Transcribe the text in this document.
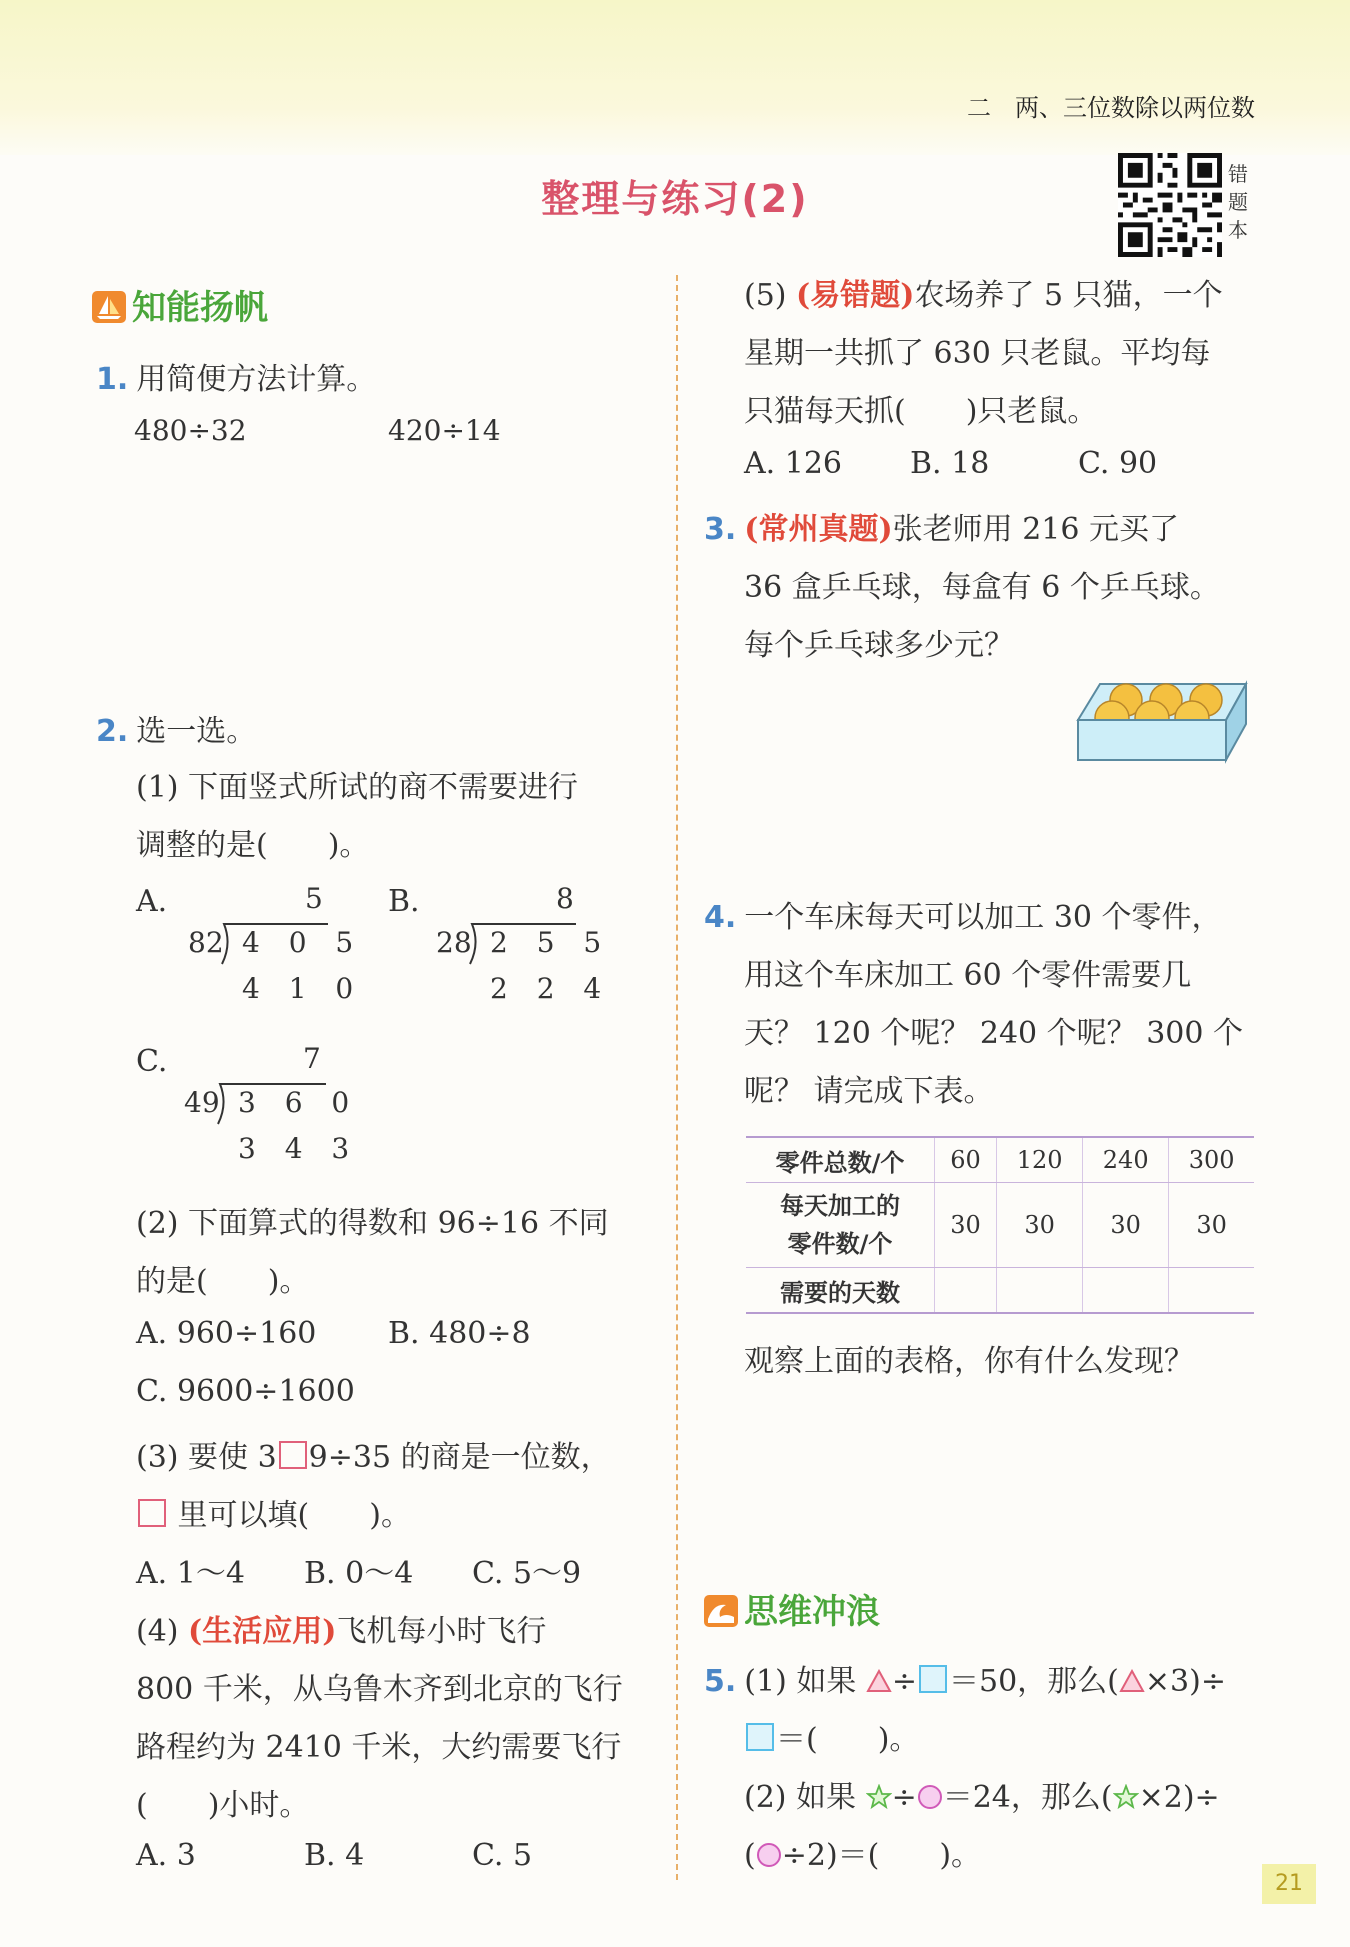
二　两、三位数除以两位数
整理与练习(2)
错题本
知能扬帆
1. 用简便方法计算。
480÷32	420÷14
2. 选一选。
(1) 下面竖式所试的商不需要进行
调整的是(　　)。
A.	5
82 4 0 5
4 1 0
B.	8
28 2 5 5
2 2 4
C.	7
49 3 6 0
3 4 3
(2) 下面算式的得数和 96÷16 不同
的是(　　)。
A. 960÷160 B. 480÷8
C. 9600÷1600
(3) 要使 3 9÷35 的商是一位数，
里可以填(　　)。
A. 1～4 B. 0～4 C. 5～9
(4) (生活应用)飞机每小时飞行
800 千米，从乌鲁木齐到北京的飞行
路程约为 2410 千米，大约需要飞行
(　　)小时。
A. 3	B. 4	C. 5
(5) (易错题)农场养了 5 只猫，一个
星期一共抓了 630 只老鼠。平均每
只猫每天抓(　　)只老鼠。
A. 126 B. 18	C. 90
3. (常州真题)张老师用 216 元买了
36 盒乒乓球，每盒有 6 个乒乓球。
每个乒乓球多少元？
4. 一个车床每天可以加工 30 个零件，
用这个车床加工 60 个零件需要几
天？ 120 个呢？ 240 个呢？ 300 个
呢？ 请完成下表。
零件总数/个	60	120	240	300
每天加工的
零件数/个	30	30	30	30
需要的天数				
观察上面的表格，你有什么发现？
思维冲浪
5. (1) 如果 ÷ ＝50，那么( ×3)÷
＝(　　)。
(2) 如果 ÷ ＝24，那么( ×2)÷
( ÷2)＝(　　)。
21
